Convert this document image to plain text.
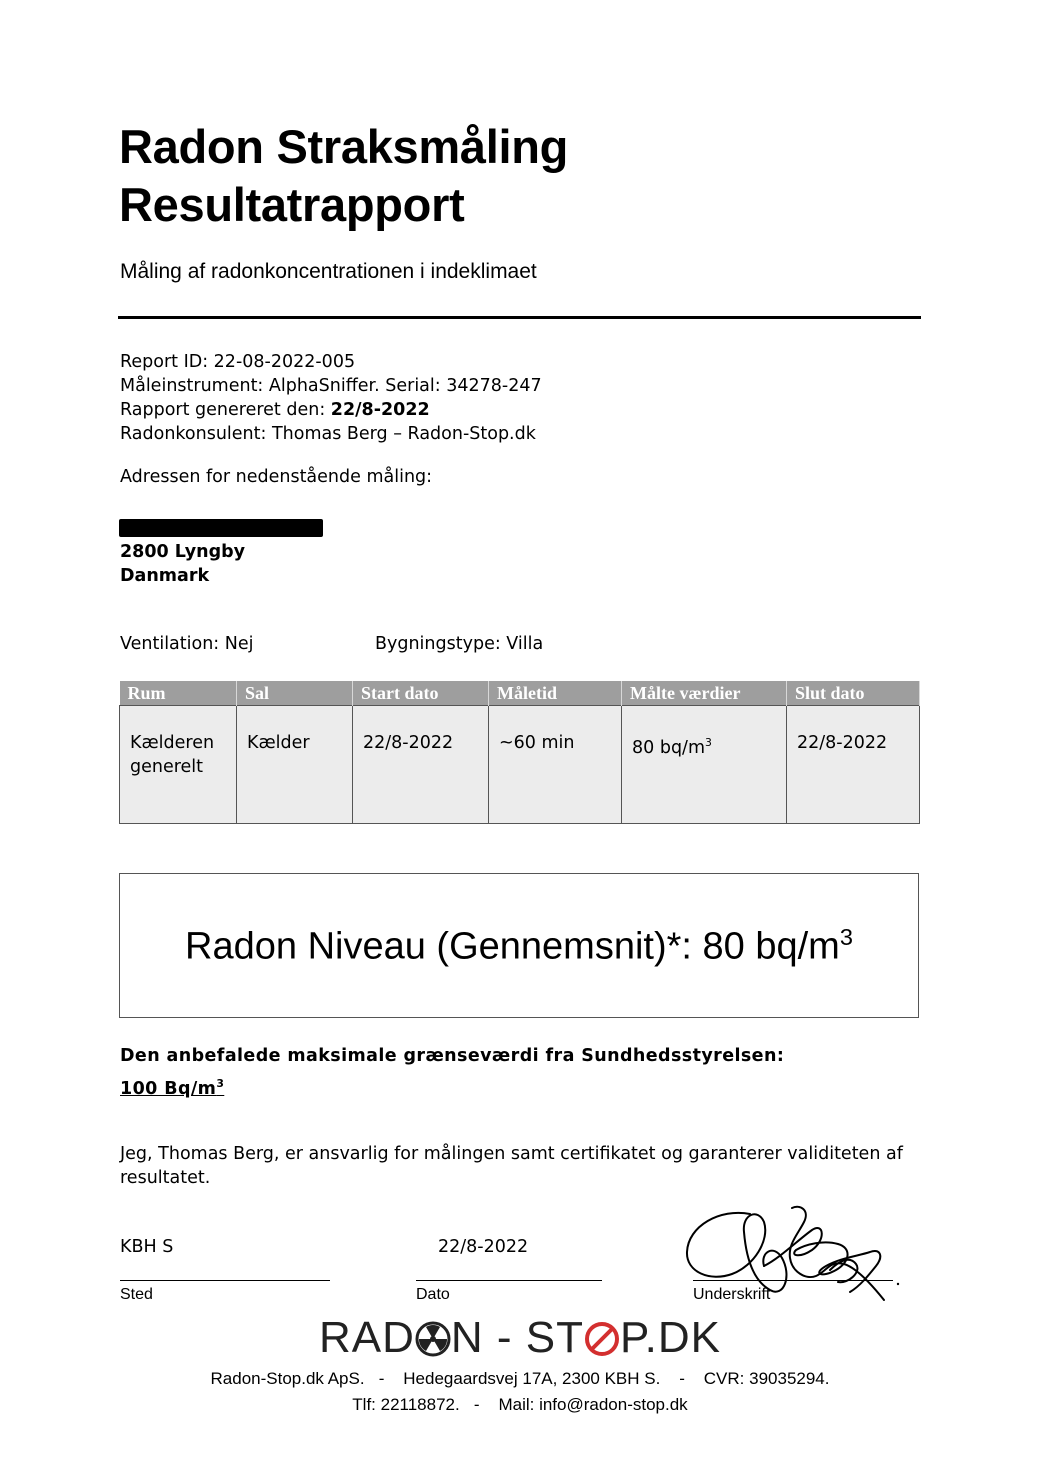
Radon Straksmåling
Resultatrapport
Måling af radonkoncentrationen i indeklimaet
Report ID: 22-08-2022-005
Måleinstrument: AlphaSniffer. Serial: 34278-247
Rapport genereret den: 22/8-2022
Radonkonsulent: Thomas Berg – Radon-Stop.dk
Adressen for nedenstående måling:
2800 Lyngby
Danmark
Ventilation: Nej	Bygningstype: Villa
Rum	Sal	Start dato	Måletid	Målte værdier	Slut dato
Kælderen generelt	Kælder	22/8-2022	~60 min	80 $bq/m^3$	22/8-2022
Radon Niveau (Gennemsnit)*: 80 $bq/m^3$
Den anbefalede maksimale grænseværdi fra Sundhedsstyrelsen:
100 $Bq/m^3$
Jeg, Thomas Berg, er ansvarlig for målingen samt certifikatet og garanterer validiteten af resultatet.
KBH S	22/8-2022
Sted	Dato	Underskrift
RAD N - ST P.DK
Radon-Stop.dk ApS.   -    Hedegaardsvej 17A, 2300 KBH S.    -    CVR: 39035294.
Tlf: 22118872.   -    Mail: info@radon-stop.dk
